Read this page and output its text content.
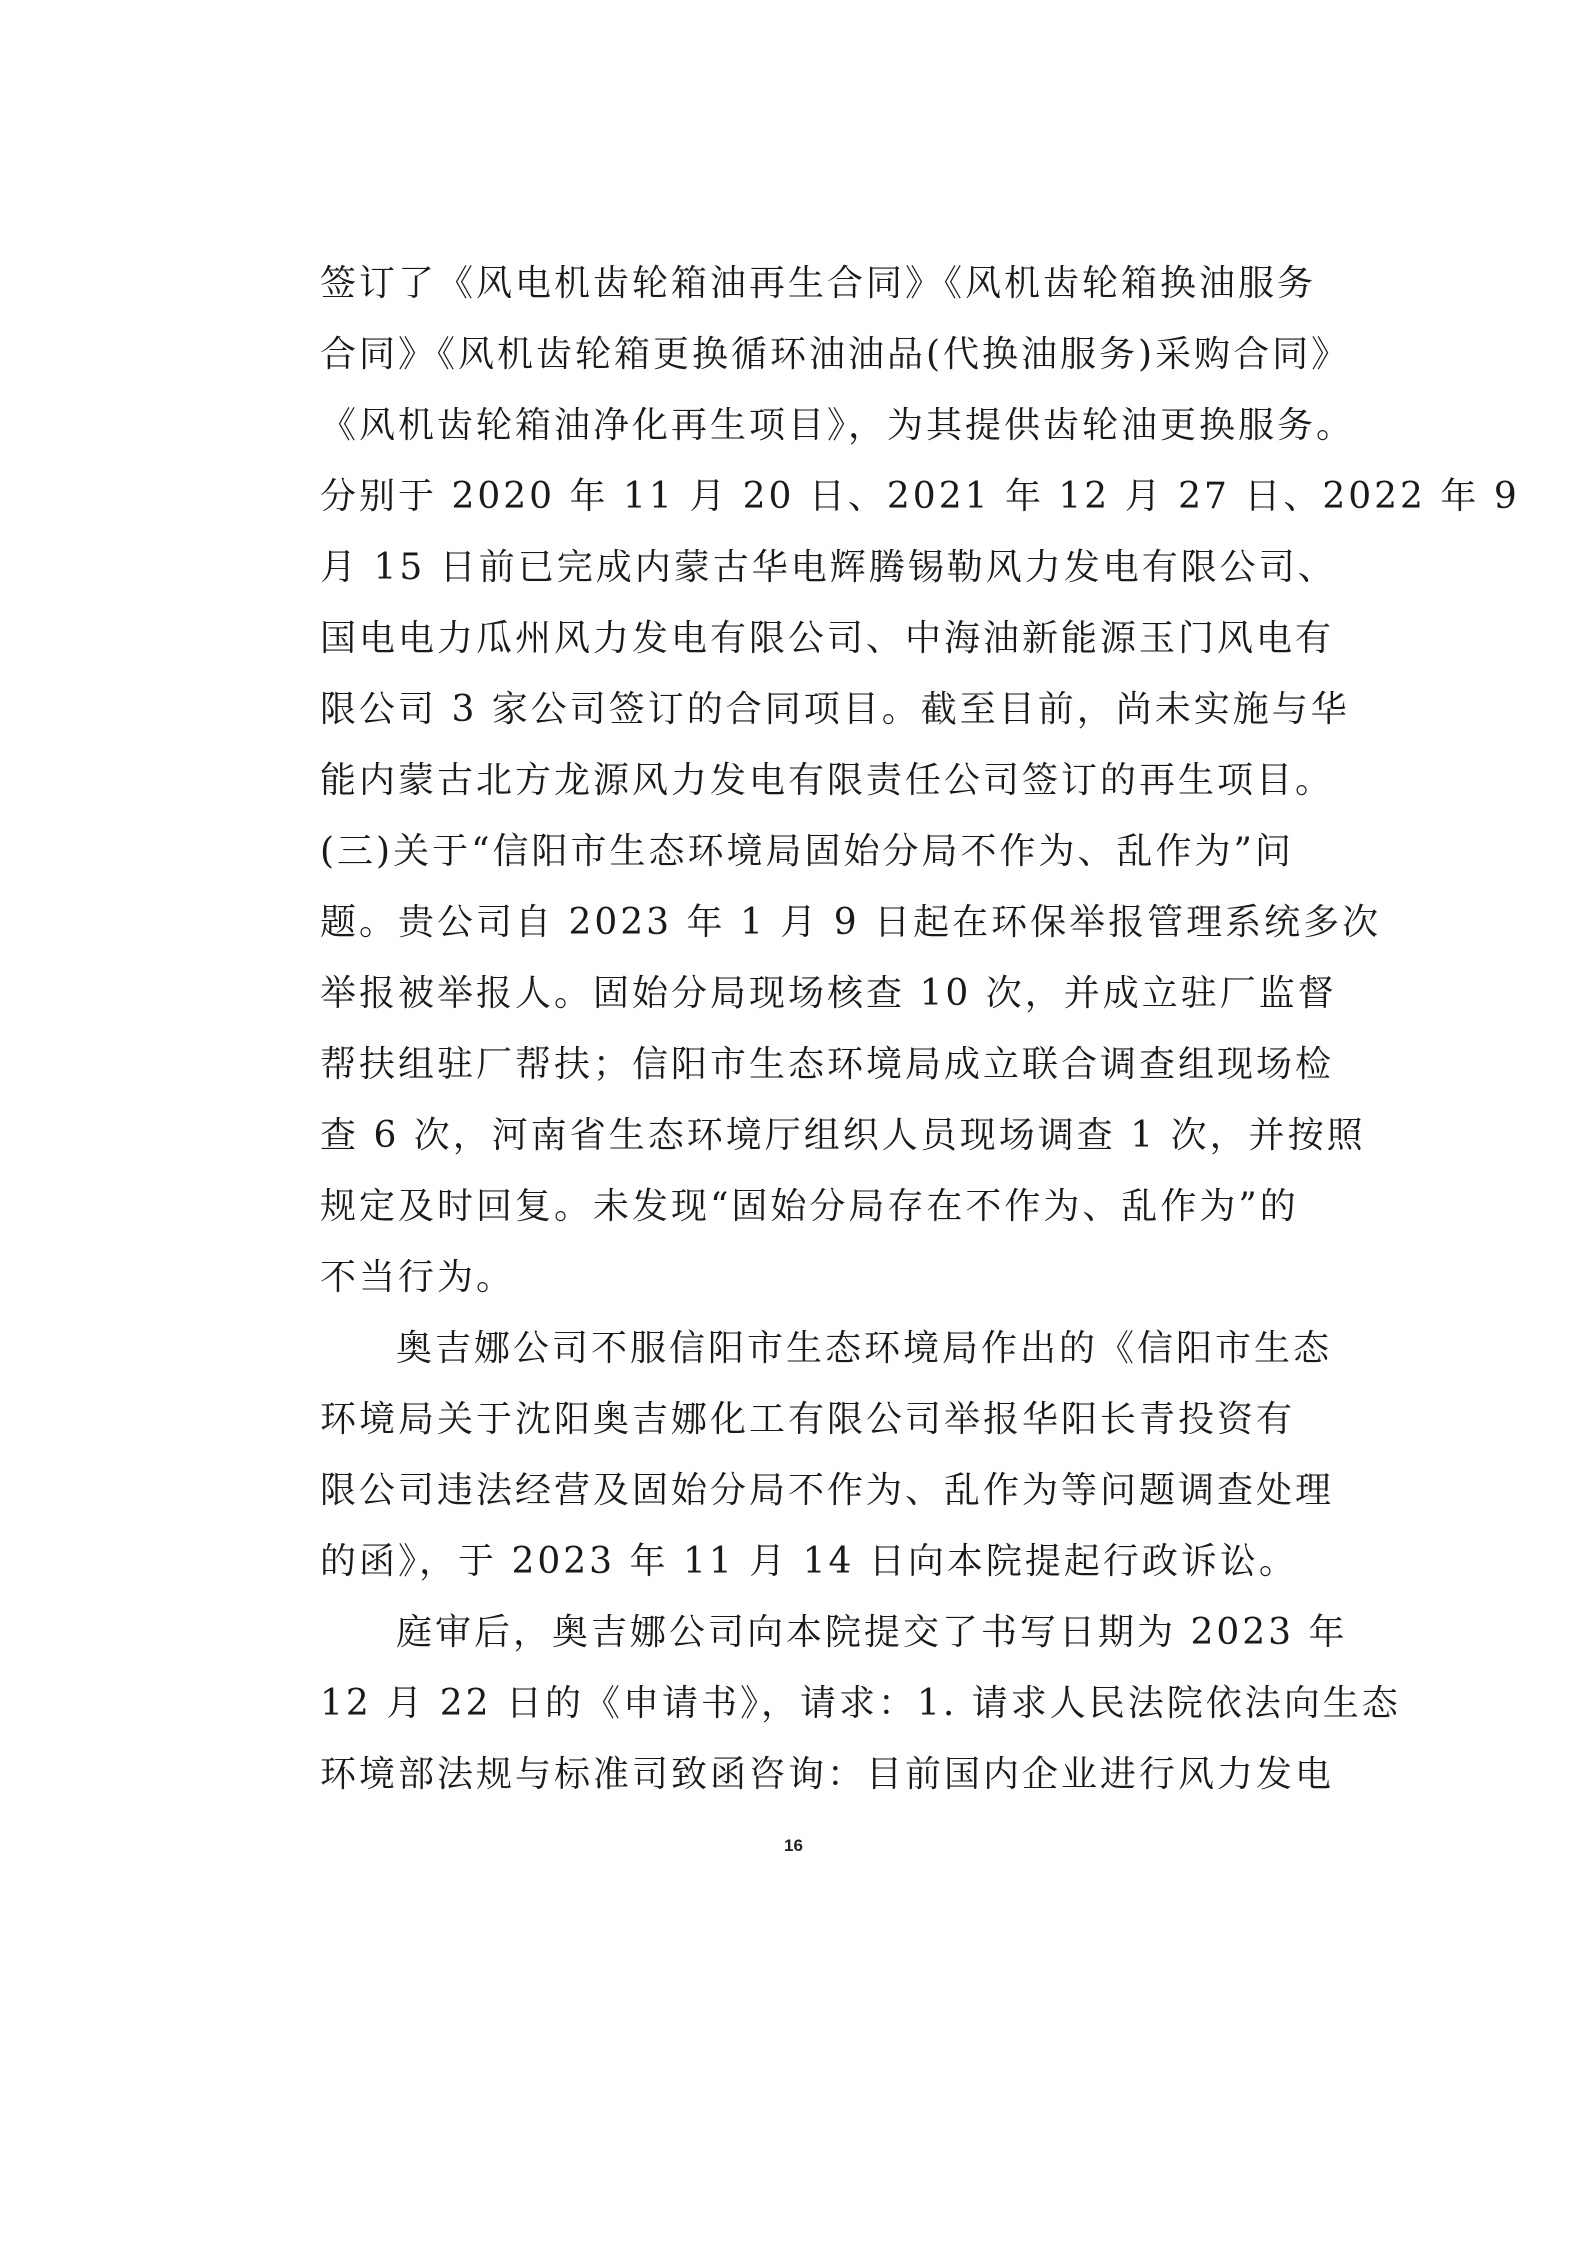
签订了《风电机齿轮箱油再生合同》《风机齿轮箱换油服务
合同》《风机齿轮箱更换循环油油品(代换油服务)采购合同》
《风机齿轮箱油净化再生项目》，为其提供齿轮油更换服务。
分别于 2020 年 11 月 20 日、2021 年 12 月 27 日、2022 年 9
月 15 日前已完成内蒙古华电辉腾锡勒风力发电有限公司、
国电电力瓜州风力发电有限公司、中海油新能源玉门风电有
限公司 3 家公司签订的合同项目。截至目前，尚未实施与华
能内蒙古北方龙源风力发电有限责任公司签订的再生项目。
(三)关于“信阳市生态环境局固始分局不作为、乱作为”问
题。贵公司自 2023 年 1 月 9 日起在环保举报管理系统多次
举报被举报人。固始分局现场核查 10 次，并成立驻厂监督
帮扶组驻厂帮扶；信阳市生态环境局成立联合调查组现场检
查 6 次，河南省生态环境厅组织人员现场调查 1 次，并按照
规定及时回复。未发现“固始分局存在不作为、乱作为”的
不当行为。

奥吉娜公司不服信阳市生态环境局作出的《信阳市生态
环境局关于沈阳奥吉娜化工有限公司举报华阳长青投资有
限公司违法经营及固始分局不作为、乱作为等问题调查处理
的函》，于 2023 年 11 月 14 日向本院提起行政诉讼。

庭审后，奥吉娜公司向本院提交了书写日期为 2023 年
12 月 22 日的《申请书》，请求：1. 请求人民法院依法向生态
环境部法规与标准司致函咨询：目前国内企业进行风力发电

16
